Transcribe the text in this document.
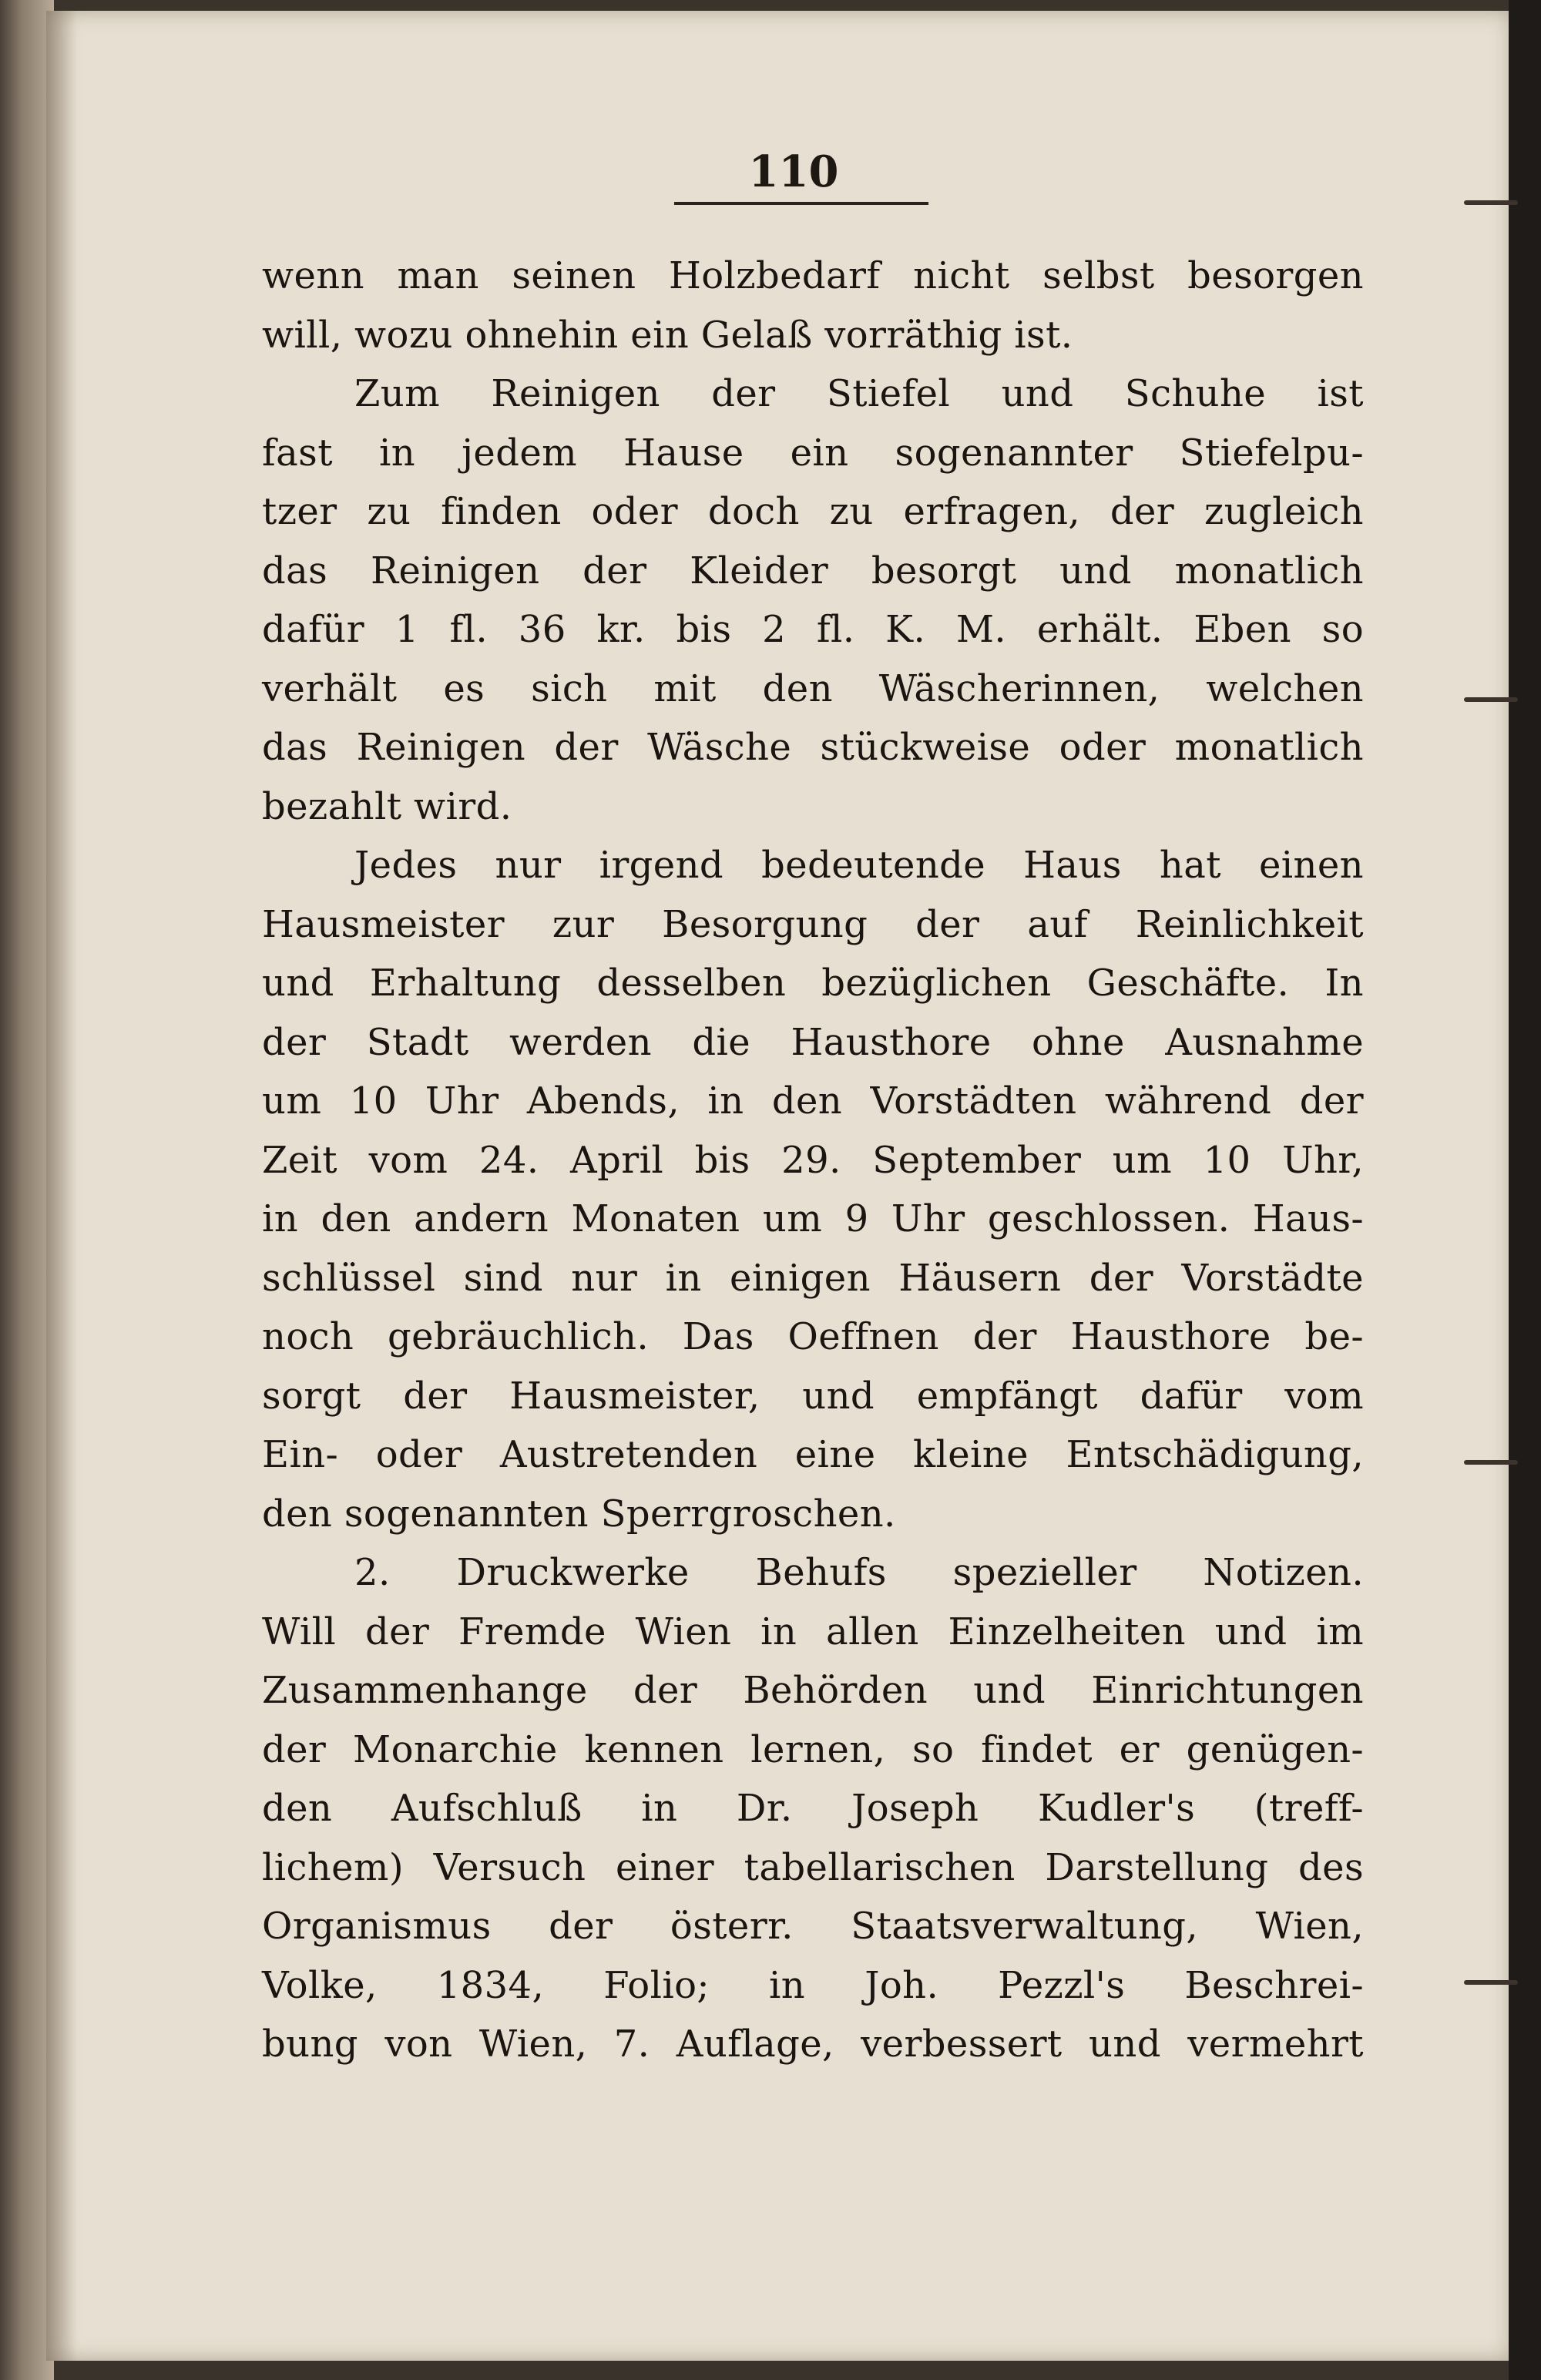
110
wenn man seinen Holzbedarf nicht selbst besorgen
will, wozu ohnehin ein Gelaß vorräthig ist.
Zum Reinigen der Stiefel und Schuhe ist
fast in jedem Hause ein sogenannter Stiefelpu-
tzer zu finden oder doch zu erfragen, der zugleich
das Reinigen der Kleider besorgt und monatlich
dafür 1 fl. 36 kr. bis 2 fl. K. M. erhält. Eben so
verhält es sich mit den Wäscherinnen, welchen
das Reinigen der Wäsche stückweise oder monatlich
bezahlt wird.
Jedes nur irgend bedeutende Haus hat einen
Hausmeister zur Besorgung der auf Reinlichkeit
und Erhaltung desselben bezüglichen Geschäfte. In
der Stadt werden die Hausthore ohne Ausnahme
um 10 Uhr Abends, in den Vorstädten während der
Zeit vom 24. April bis 29. September um 10 Uhr,
in den andern Monaten um 9 Uhr geschlossen. Haus-
schlüssel sind nur in einigen Häusern der Vorstädte
noch gebräuchlich. Das Oeffnen der Hausthore be-
sorgt der Hausmeister, und empfängt dafür vom
Ein- oder Austretenden eine kleine Entschädigung,
den sogenannten Sperrgroschen.
2. Druckwerke Behufs spezieller Notizen.
Will der Fremde Wien in allen Einzelheiten und im
Zusammenhange der Behörden und Einrichtungen
der Monarchie kennen lernen, so findet er genügen-
den Aufschluß in Dr. Joseph Kudler's (treff-
lichem) Versuch einer tabellarischen Darstellung des
Organismus der österr. Staatsverwaltung, Wien,
Volke, 1834, Folio; in Joh. Pezzl's Beschrei-
bung von Wien, 7. Auflage, verbessert und vermehrt
